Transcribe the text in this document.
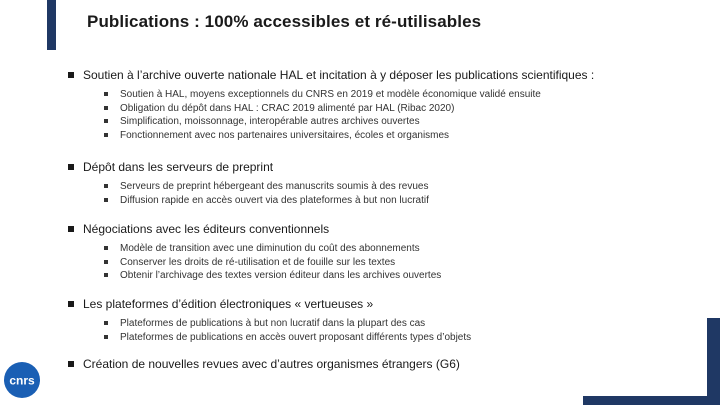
Publications : 100% accessibles et ré-utilisables
Soutien à l’archive ouverte nationale HAL et incitation à y déposer les publications scientifiques :
Soutien à HAL, moyens exceptionnels du CNRS en 2019 et modèle économique validé ensuite
Obligation du dépôt dans HAL : CRAC 2019 alimenté par HAL (Ribac 2020)
Simplification, moissonnage, interopérable autres archives ouvertes
Fonctionnement avec nos partenaires universitaires, écoles et organismes
Dépôt dans les serveurs de preprint
Serveurs de preprint hébergeant des manuscrits soumis à des revues
Diffusion rapide en accès ouvert via des plateformes à but non lucratif
Négociations avec les éditeurs conventionnels
Modèle de transition avec une diminution du coût des abonnements
Conserver les droits de ré-utilisation et de fouille sur les textes
Obtenir l’archivage des textes version éditeur dans les archives ouvertes
Les plateformes d’édition électroniques « vertueuses »
Plateformes de publications à but non lucratif dans la plupart des cas
Plateformes de publications en accès ouvert proposant différents types d’objets
Création de nouvelles revues avec d’autres organismes étrangers (G6)
cnrs
